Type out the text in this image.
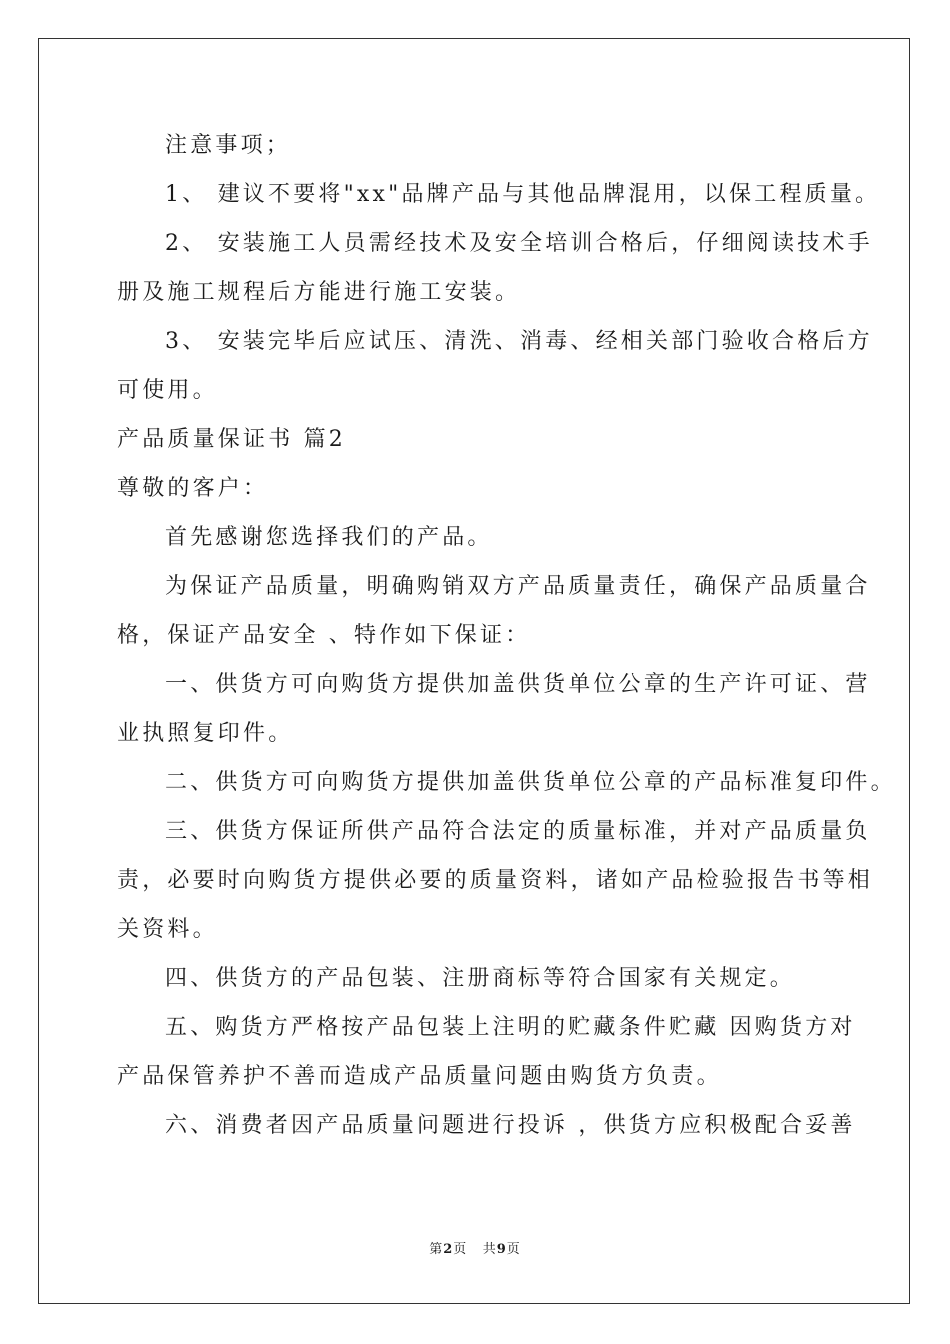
注意事项；
1、 建议不要将"xx"品牌产品与其他品牌混用，以保工程质量。
2、 安装施工人员需经技术及安全培训合格后，仔细阅读技术手
册及施工规程后方能进行施工安装。
3、 安装完毕后应试压、清洗、消毒、经相关部门验收合格后方
可使用。
产品质量保证书 篇2
尊敬的客户：
首先感谢您选择我们的产品。
为保证产品质量，明确购销双方产品质量责任，确保产品质量合
格，保证产品安全 、特作如下保证：
一、供货方可向购货方提供加盖供货单位公章的生产许可证、营
业执照复印件。
二、供货方可向购货方提供加盖供货单位公章的产品标准复印件。
三、供货方保证所供产品符合法定的质量标准，并对产品质量负
责，必要时向购货方提供必要的质量资料，诸如产品检验报告书等相
关资料。
四、供货方的产品包装、注册商标等符合国家有关规定。
五、购货方严格按产品包装上注明的贮藏条件贮藏 因购货方对
产品保管养护不善而造成产品质量问题由购货方负责。
六、消费者因产品质量问题进行投诉 ，供货方应积极配合妥善
第2页 共9页
